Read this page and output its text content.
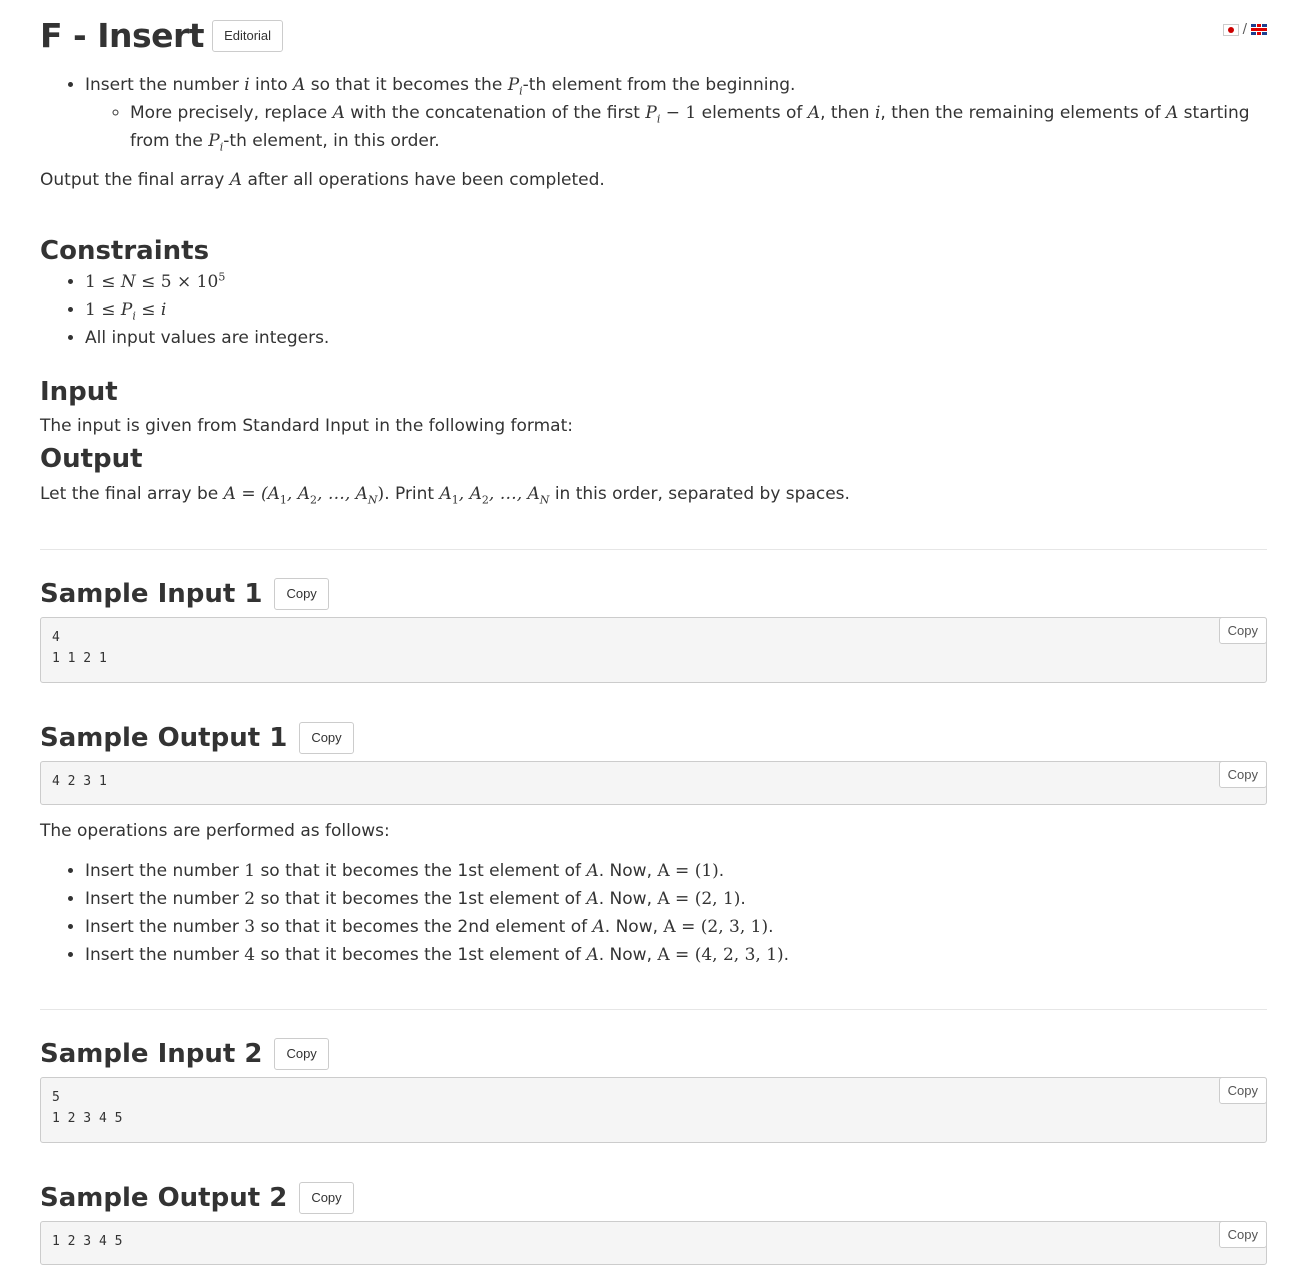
F - Insert	Editorial	/
• Insert the number i into A so that it becomes the $P_i-th$ element from the beginning.
◦ More precisely, replace A with the concatenation of the first $P_i - 1$ elements of A, then i, then the remaining elements of A starting from the $P_i-th$ element, in this order.
Output the final array A after all operations have been completed.
Constraints
• $1 \le N \le 5 \times 10^5$
• $1 \le P_i \le i$
• All input values are integers.
Input
The input is given from Standard Input in the following format:
Output
Let the final array be $A = (A_1$, $A_2$, …, $A_N$). Print $A_1$, $A_2$, …, $A_N$ in this order, separated by spaces.
Sample Input 1	Copy
4
1 1 2 1
Copy
Sample Output 1	Copy
4 2 3 1	Copy
The operations are performed as follows:
• Insert the number 1 so that it becomes the 1st element of A. Now, A = (1).
• Insert the number 2 so that it becomes the 1st element of A. Now, A = (2, 1).
• Insert the number 3 so that it becomes the 2nd element of A. Now, A = (2, 3, 1).
• Insert the number 4 so that it becomes the 1st element of A. Now, A = (4, 2, 3, 1).
Sample Input 2	Copy
5
1 2 3 4 5
Copy
Sample Output 2	Copy
1 2 3 4 5	Copy
